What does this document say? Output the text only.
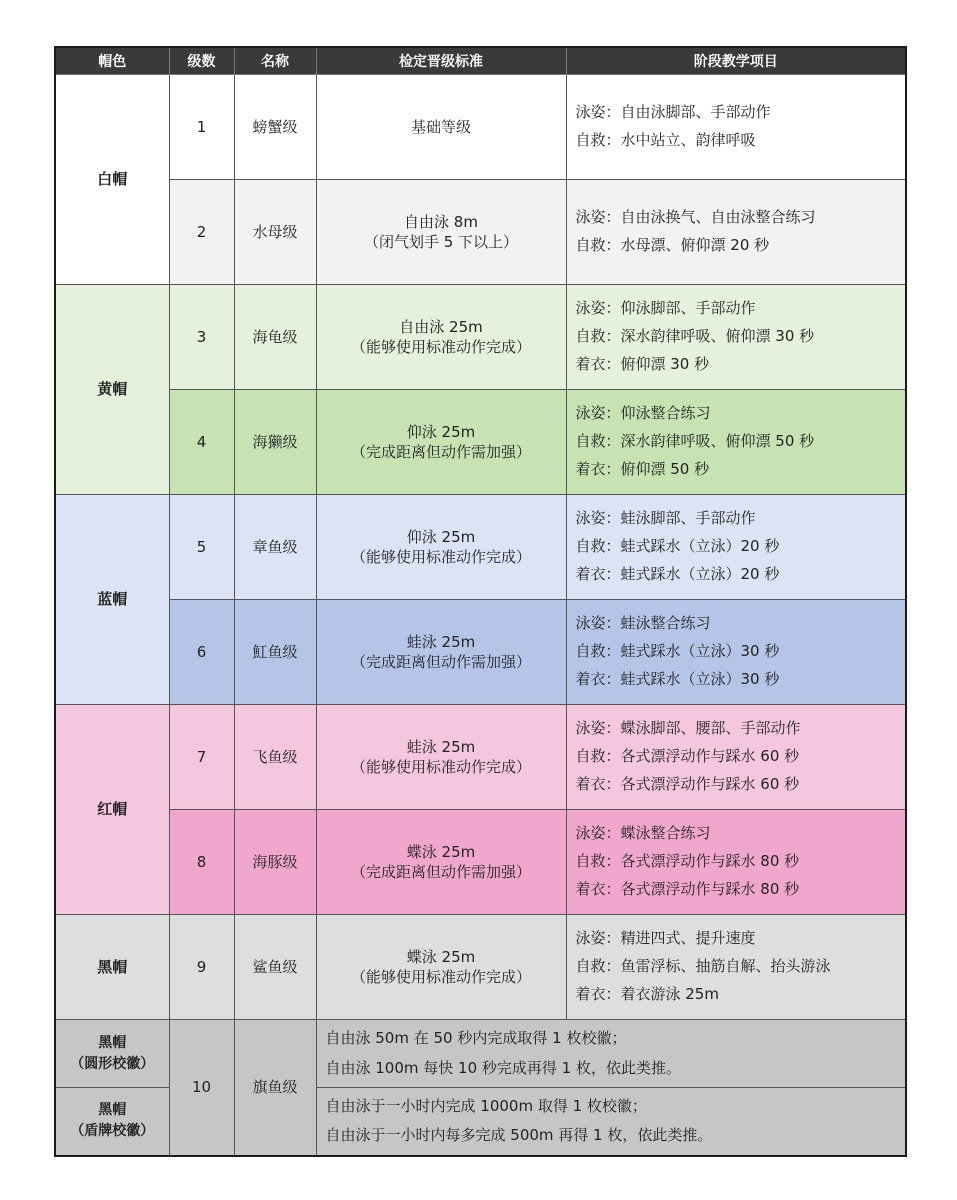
帽色	级数	名称	检定晋级标准	阶段教学项目
白帽	1	螃蟹级	基础等级	泳姿：自由泳脚部、手部动作
自救：水中站立、韵律呼吸

	2	水母级	自由泳 8m
（闭气划手 5 下以上）	泳姿：自由泳换气、自由泳整合练习
自救：水母漂、俯仰漂 20 秒

黄帽	3	海龟级	自由泳 25m
（能够使用标准动作完成）	泳姿：仰泳脚部、手部动作
自救：深水韵律呼吸、俯仰漂 30 秒
着衣：俯仰漂 30 秒

	4	海獭级	仰泳 25m
（完成距离但动作需加强）	泳姿：仰泳整合练习
自救：深水韵律呼吸、俯仰漂 50 秒
着衣：俯仰漂 50 秒

蓝帽	5	章鱼级	仰泳 25m
（能够使用标准动作完成）	泳姿：蛙泳脚部、手部动作
自救：蛙式踩水（立泳）20 秒
着衣：蛙式踩水（立泳）20 秒

	6	魟鱼级	蛙泳 25m
（完成距离但动作需加强）	泳姿：蛙泳整合练习
自救：蛙式踩水（立泳）30 秒
着衣：蛙式踩水（立泳）30 秒

红帽	7	飞鱼级	蛙泳 25m
（能够使用标准动作完成）	泳姿：蝶泳脚部、腰部、手部动作
自救：各式漂浮动作与踩水 60 秒
着衣：各式漂浮动作与踩水 60 秒

	8	海豚级	蝶泳 25m
（完成距离但动作需加强）	泳姿：蝶泳整合练习
自救：各式漂浮动作与踩水 80 秒
着衣：各式漂浮动作与踩水 80 秒

黑帽	9	鲨鱼级	蝶泳 25m
（能够使用标准动作完成）	泳姿：精进四式、提升速度
自救：鱼雷浮标、抽筋自解、抬头游泳
着衣：着衣游泳 25m

黑帽
（圆形校徽）	10	旗鱼级	自由泳 50m 在 50 秒内完成取得 1 枚校徽；
自由泳 100m 每快 10 秒完成再得 1 枚，依此类推。	

黑帽
（盾牌校徽）			自由泳于一小时内完成 1000m 取得 1 枚校徽；
自由泳于一小时内每多完成 500m 再得 1 枚，依此类推。	
